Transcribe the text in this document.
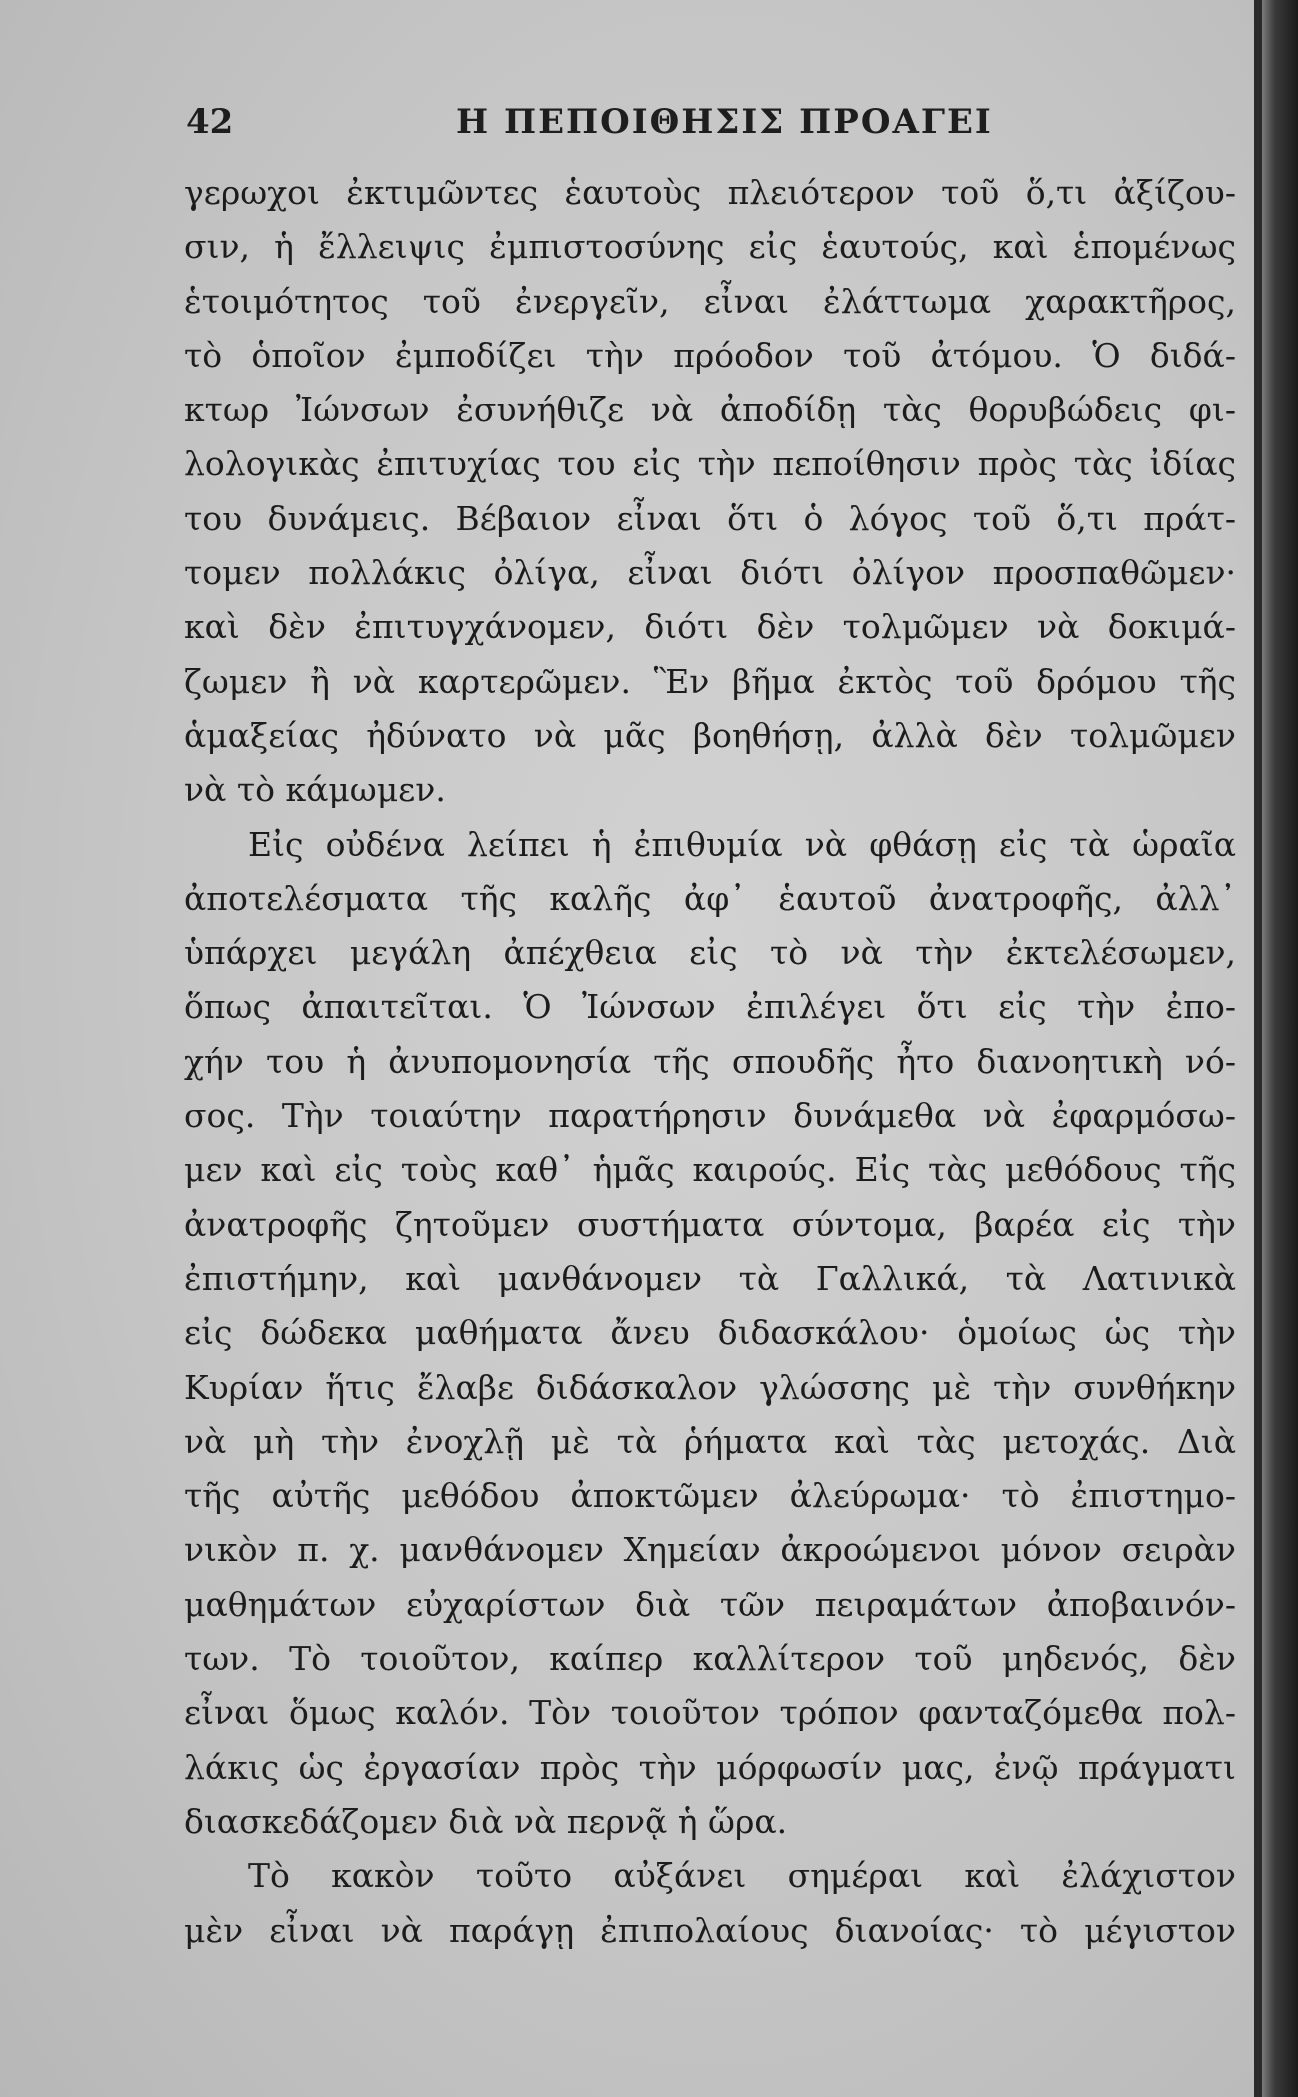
42	Η ΠΕΠΟΙΘΗΣΙΣ ΠΡΟΑΓΕΙ
γερωχοι ἐκτιμῶντες ἑαυτοὺς πλειότερον τοῦ ὅ,τι ἀξίζου-
σιν, ἡ ἔλλειψις ἐμπιστοσύνης εἰς ἑαυτούς, καὶ ἑπομένως
ἑτοιμότητος τοῦ ἐνεργεῖν, εἶναι ἐλάττωμα χαρακτῆρος,
τὸ ὁποῖον ἐμποδίζει τὴν πρόοδον τοῦ ἀτόμου. Ὁ διδά-
κτωρ Ἰώνσων ἐσυνήθιζε νὰ ἀποδίδῃ τὰς θορυβώδεις φι-
λολογικὰς ἐπιτυχίας του εἰς τὴν πεποίθησιν πρὸς τὰς ἰδίας
του δυνάμεις. Βέβαιον εἶναι ὅτι ὁ λόγος τοῦ ὅ,τι πράτ-
τομεν πολλάκις ὀλίγα, εἶναι διότι ὀλίγον προσπαθῶμεν·
καὶ δὲν ἐπιτυγχάνομεν, διότι δὲν τολμῶμεν νὰ δοκιμά-
ζωμεν ἢ νὰ καρτερῶμεν. Ἓν βῆμα ἐκτὸς τοῦ δρόμου τῆς
ἁμαξείας ἠδύνατο νὰ μᾶς βοηθήσῃ, ἀλλὰ δὲν τολμῶμεν
νὰ τὸ κάμωμεν.
Εἰς οὐδένα λείπει ἡ ἐπιθυμία νὰ φθάσῃ εἰς τὰ ὡραῖα
ἀποτελέσματα τῆς καλῆς ἀφ᾽ ἑαυτοῦ ἀνατροφῆς, ἀλλ᾽
ὑπάρχει μεγάλη ἀπέχθεια εἰς τὸ νὰ τὴν ἐκτελέσωμεν,
ὅπως ἀπαιτεῖται. Ὁ Ἰώνσων ἐπιλέγει ὅτι εἰς τὴν ἐπο-
χήν του ἡ ἀνυπομονησία τῆς σπουδῆς ἦτο διανοητικὴ νό-
σος. Τὴν τοιαύτην παρατήρησιν δυνάμεθα νὰ ἐφαρμόσω-
μεν καὶ εἰς τοὺς καθ᾽ ἡμᾶς καιρούς. Εἰς τὰς μεθόδους τῆς
ἀνατροφῆς ζητοῦμεν συστήματα σύντομα, βαρέα εἰς τὴν
ἐπιστήμην, καὶ μανθάνομεν τὰ Γαλλικά, τὰ Λατινικὰ
εἰς δώδεκα μαθήματα ἄνευ διδασκάλου· ὁμοίως ὡς τὴν
Κυρίαν ἥτις ἔλαβε διδάσκαλον γλώσσης μὲ τὴν συνθήκην
νὰ μὴ τὴν ἐνοχλῇ μὲ τὰ ῥήματα καὶ τὰς μετοχάς. Διὰ
τῆς αὐτῆς μεθόδου ἀποκτῶμεν ἀλεύρωμα· τὸ ἐπιστημο-
νικὸν π. χ. μανθάνομεν Χημείαν ἀκροώμενοι μόνον σειρὰν
μαθημάτων εὐχαρίστων διὰ τῶν πειραμάτων ἀποβαινόν-
των. Τὸ τοιοῦτον, καίπερ καλλίτερον τοῦ μηδενός, δὲν
εἶναι ὅμως καλόν. Τὸν τοιοῦτον τρόπον φανταζόμεθα πολ-
λάκις ὡς ἐργασίαν πρὸς τὴν μόρφωσίν μας, ἐνῷ πράγματι
διασκεδάζομεν διὰ νὰ περνᾷ ἡ ὥρα.
Τὸ κακὸν τοῦτο αὐξάνει σημέραι καὶ ἐλάχιστον
μὲν εἶναι νὰ παράγῃ ἐπιπολαίους διανοίας· τὸ μέγιστον
